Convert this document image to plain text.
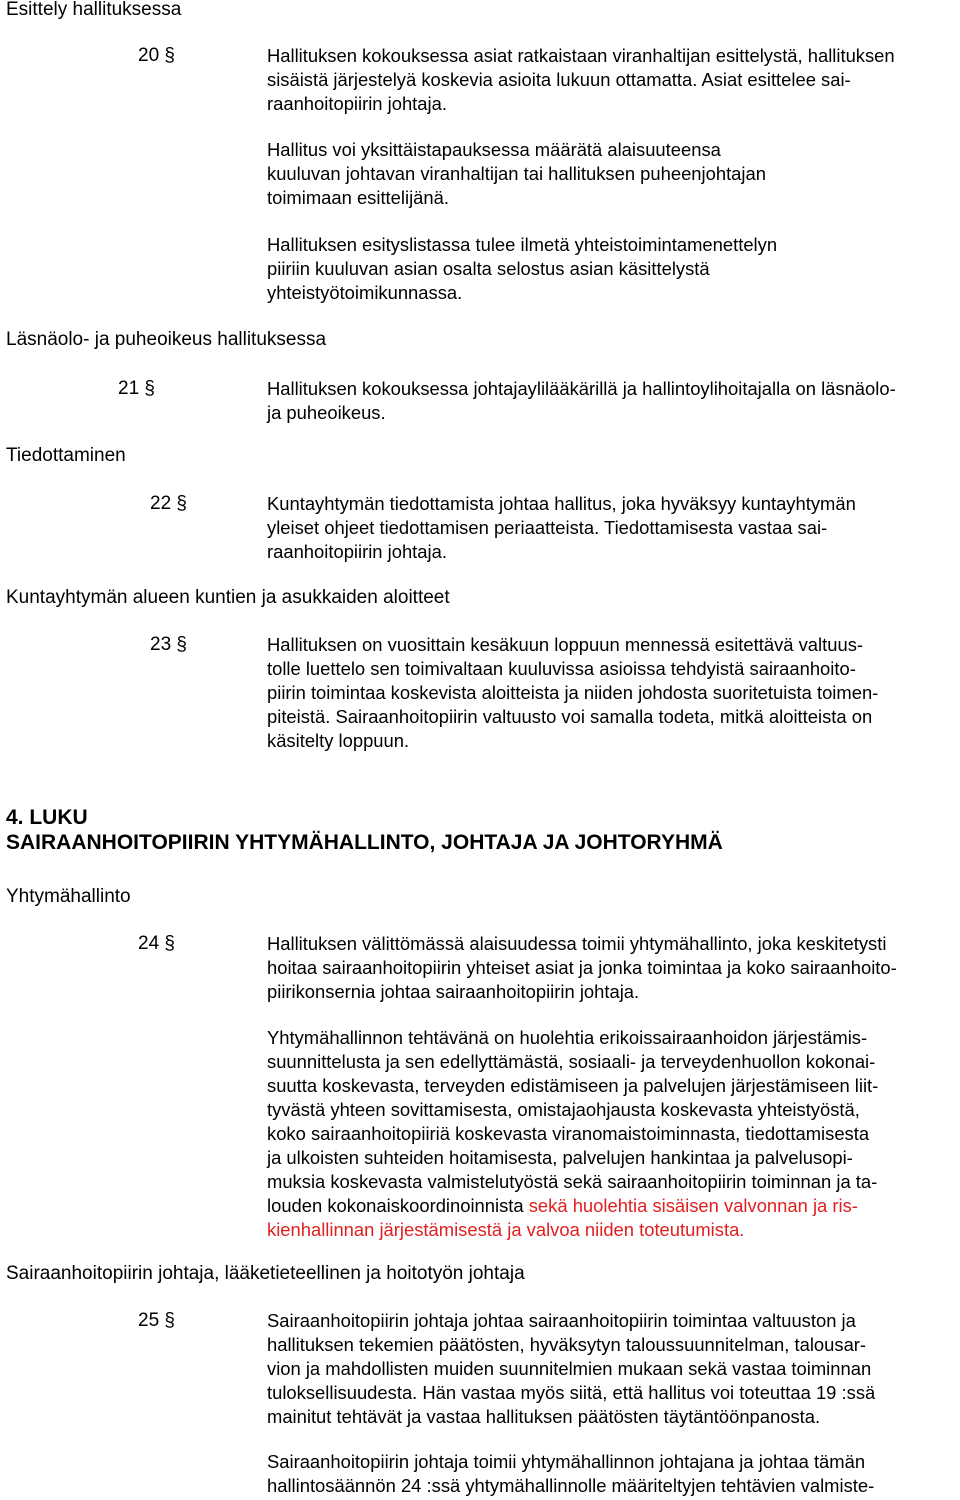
Esittely hallituksessa
20 §	Hallituksen kokouksessa asiat ratkaistaan viranhaltijan esittelystä, hallituksen
sisäistä järjestelyä koskevia asioita lukuun ottamatta. Asiat esittelee sai-
raanhoitopiirin johtaja.
Hallitus voi yksittäistapauksessa määrätä alaisuuteensa
kuuluvan johtavan viranhaltijan tai hallituksen puheenjohtajan
toimimaan esittelijänä.
Hallituksen esityslistassa tulee ilmetä yhteistoimintamenettelyn
piiriin kuuluvan asian osalta selostus asian käsittelystä
yhteistyötoimikunnassa.
Läsnäolo- ja puheoikeus hallituksessa
21 §	Hallituksen kokouksessa johtajaylilääkärillä ja hallintoylihoitajalla on läsnäolo-
ja puheoikeus.
Tiedottaminen
22 §	Kuntayhtymän tiedottamista johtaa hallitus, joka hyväksyy kuntayhtymän
yleiset ohjeet tiedottamisen periaatteista. Tiedottamisesta vastaa sai-
raanhoitopiirin johtaja.
Kuntayhtymän alueen kuntien ja asukkaiden aloitteet
23 §	Hallituksen on vuosittain kesäkuun loppuun mennessä esitettävä valtuus-
tolle luettelo sen toimivaltaan kuuluvissa asioissa tehdyistä sairaanhoito-
piirin toimintaa koskevista aloitteista ja niiden johdosta suoritetuista toimen-
piteistä. Sairaanhoitopiirin valtuusto voi samalla todeta, mitkä aloitteista on
käsitelty loppuun.
4. LUKU
SAIRAANHOITOPIIRIN YHTYMÄHALLINTO, JOHTAJA JA JOHTORYHMÄ
Yhtymähallinto
24 §	Hallituksen välittömässä alaisuudessa toimii yhtymähallinto, joka keskitetysti
hoitaa sairaanhoitopiirin yhteiset asiat ja jonka toimintaa ja koko sairaanhoito-
piirikonsernia johtaa sairaanhoitopiirin johtaja.
Yhtymähallinnon tehtävänä on huolehtia erikoissairaanhoidon järjestämis-
suunnittelusta ja sen edellyttämästä, sosiaali- ja terveydenhuollon kokonai-
suutta koskevasta, terveyden edistämiseen ja palvelujen järjestämiseen liit-
tyvästä yhteen sovittamisesta, omistajaohjausta koskevasta yhteistyöstä,
koko sairaanhoitopiiriä koskevasta viranomaistoiminnasta, tiedottamisesta
ja ulkoisten suhteiden hoitamisesta, palvelujen hankintaa ja palvelusopi-
muksia koskevasta valmistelutyöstä sekä sairaanhoitopiirin toiminnan ja ta-
louden kokonaiskoordinoinnista sekä huolehtia sisäisen valvonnan ja ris-
kienhallinnan järjestämisestä ja valvoa niiden toteutumista.
Sairaanhoitopiirin johtaja, lääketieteellinen ja hoitotyön johtaja
25 §	Sairaanhoitopiirin johtaja johtaa sairaanhoitopiirin toimintaa valtuuston ja
hallituksen tekemien päätösten, hyväksytyn taloussuunnitelman, talousar-
vion ja mahdollisten muiden suunnitelmien mukaan sekä vastaa toiminnan
tuloksellisuudesta. Hän vastaa myös siitä, että hallitus voi toteuttaa 19 :ssä
mainitut tehtävät ja vastaa hallituksen päätösten täytäntöönpanosta.
Sairaanhoitopiirin johtaja toimii yhtymähallinnon johtajana ja johtaa tämän
hallintosäännön 24 :ssä yhtymähallinnolle määriteltyjen tehtävien valmiste-
